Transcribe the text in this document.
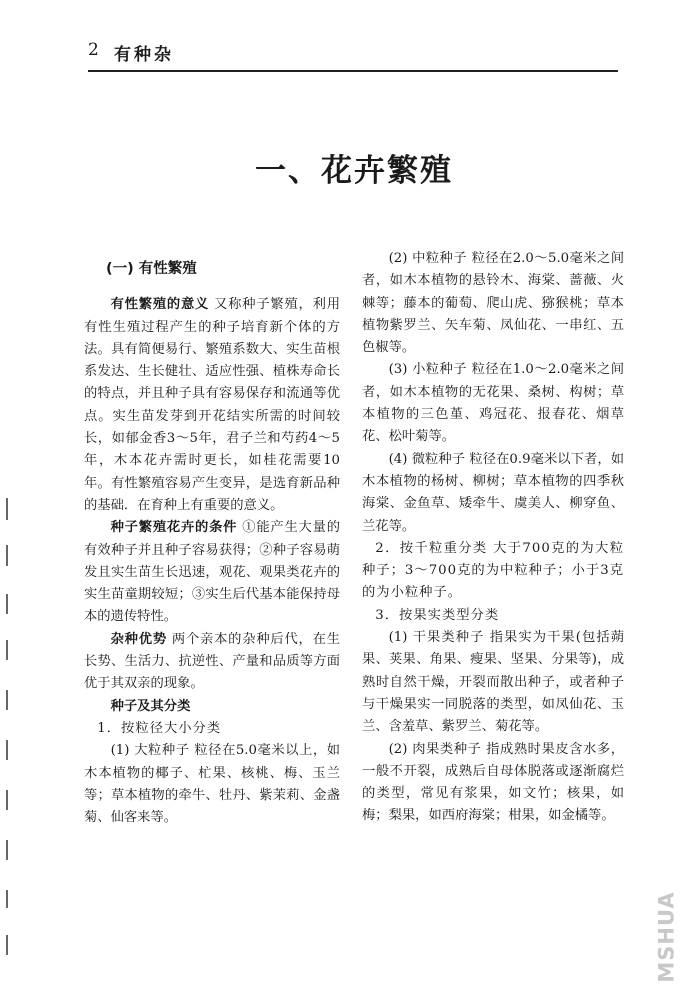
2 有种杂
一、花卉繁殖
(一) 有性繁殖

有性繁殖的意义 又称种子繁殖，利用有性生殖过程产生的种子培育新个体的方法。具有简便易行、繁殖系数大、实生苗根系发达、生长健壮、适应性强、植株寿命长的特点，并且种子具有容易保存和流通等优点。实生苗发芽到开花结实所需的时间较长，如郁金香3～5年，君子兰和芍药4～5年，木本花卉需时更长，如桂花需要10年。有性繁殖容易产生变异，是选育新品种的基础．在育种上有重要的意义。

种子繁殖花卉的条件 ①能产生大量的有效种子并且种子容易获得；②种子容易萌发且实生苗生长迅速，观花、观果类花卉的实生苗童期较短；③实生后代基本能保持母本的遗传特性。

杂种优势 两个亲本的杂种后代，在生长势、生活力、抗逆性、产量和品质等方面优于其双亲的现象。

种子及其分类

1．按粒径大小分类

(1) 大粒种子 粒径在5.0毫米以上，如木本植物的椰子、杧果、核桃、梅、玉兰等；草本植物的牵牛、牡丹、紫茉莉、金盏菊、仙客来等。

(2) 中粒种子 粒径在2.0～5.0毫米之间者，如木本植物的悬铃木、海棠、蔷薇、火棘等；藤本的葡萄、爬山虎、猕猴桃；草本植物紫罗兰、矢车菊、凤仙花、一串红、五色椒等。

(3) 小粒种子 粒径在1.0～2.0毫米之间者，如木本植物的无花果、桑树、构树；草本植物的三色堇、鸡冠花、报春花、烟草花、松叶菊等。

(4) 微粒种子 粒径在0.9毫米以下者，如木本植物的杨树、柳树；草本植物的四季秋海棠、金鱼草、矮牵牛、虞美人、柳穿鱼、兰花等。

2．按千粒重分类 大于700克的为大粒种子；3～700克的为中粒种子；小于3克的为小粒种子。

3．按果实类型分类

(1) 干果类种子 指果实为干果(包括蒴果、荚果、角果、瘦果、坚果、分果等)，成熟时自然干燥，开裂而散出种子，或者种子与干燥果实一同脱落的类型，如凤仙花、玉兰、含羞草、紫罗兰、菊花等。

(2) 肉果类种子 指成熟时果皮含水多，一般不开裂，成熟后自母体脱落或逐渐腐烂的类型，常见有浆果，如文竹；核果，如梅；梨果，如西府海棠；柑果，如金橘等。

MSHUA
